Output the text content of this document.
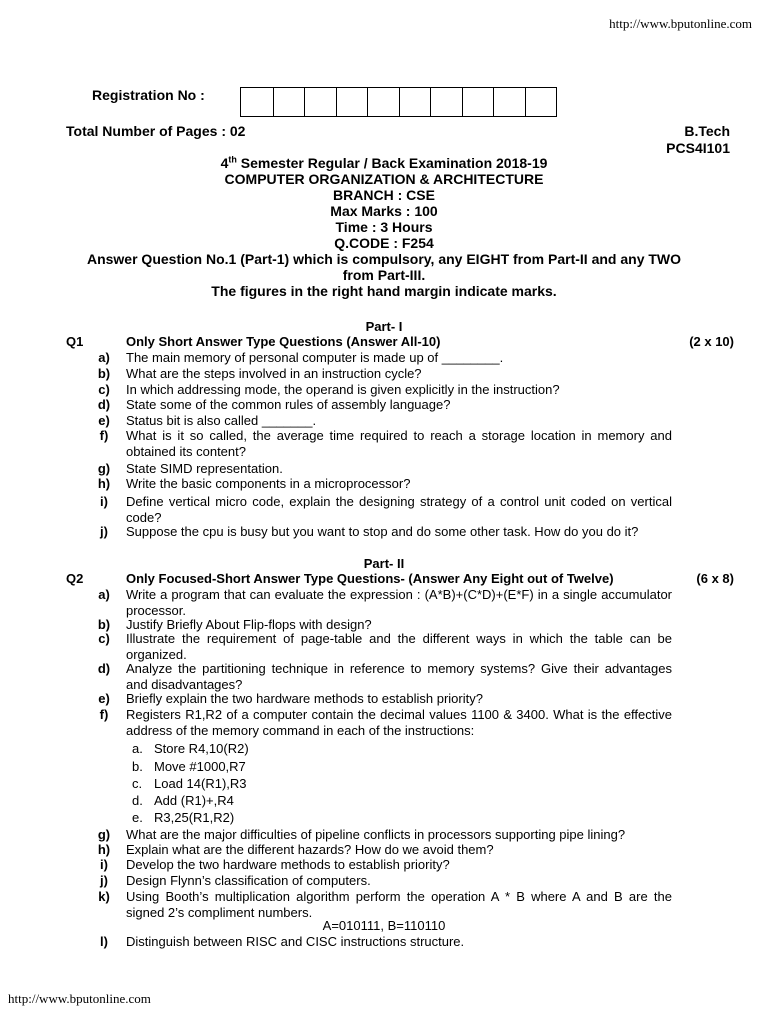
http://www.bputonline.com
Registration No :
Total Number of Pages : 02	B.Tech
PCS4I101
4th Semester Regular / Back Examination 2018-19
COMPUTER ORGANIZATION & ARCHITECTURE
BRANCH : CSE
Max Marks : 100
Time : 3 Hours
Q.CODE : F254
Answer Question No.1 (Part-1) which is compulsory, any EIGHT from Part-II and any TWO
from Part-III.
The figures in the right hand margin indicate marks.
Part- I
Q1	Only Short Answer Type Questions (Answer All-10)	(2 x 10)
a) The main memory of personal computer is made up of ________.
b) What are the steps involved in an instruction cycle?
c) In which addressing mode, the operand is given explicitly in the instruction?
d) State some of the common rules of assembly language?
e) Status bit is also called _______.
f) What is it so called, the average time required to reach a storage location in memory and obtained its content?
g) State SIMD representation.
h) Write the basic components in a microprocessor?
i)	Define vertical micro code, explain the designing strategy of a control unit coded on vertical code?
j)	Suppose the cpu is busy but you want to stop and do some other task. How do you do it?
Part- II
Q2	Only Focused-Short Answer Type Questions- (Answer Any Eight out of Twelve)	(6 x 8)
a) Write a program that can evaluate the expression : (A*B)+(C*D)+(E*F) in a single accumulator processor.
b) Justify Briefly About Flip-flops with design?
c) Illustrate the requirement of page-table and the different ways in which the table can be organized.
d) Analyze the partitioning technique in reference to memory systems? Give their advantages and disadvantages?
e) Briefly explain the two hardware methods to establish priority?
f) Registers R1,R2 of a computer contain the decimal values 1100 & 3400. What is the effective address of the memory command in each of the instructions:
a. Store R4,10(R2)
b. Move #1000,R7
c. Load 14(R1),R3
d. Add (R1)+,R4
e. R3,25(R1,R2)
g) What are the major difficulties of pipeline conflicts in processors supporting pipe lining?
h) Explain what are the different hazards? How do we avoid them?
i)	Develop the two hardware methods to establish priority?
j)	Design Flynn’s classification of computers.
k) Using Booth’s multiplication algorithm perform the operation A * B where A and B are the signed 2’s compliment numbers.
A=010111, B=110110
l)	Distinguish between RISC and CISC instructions structure.
http://www.bputonline.com
